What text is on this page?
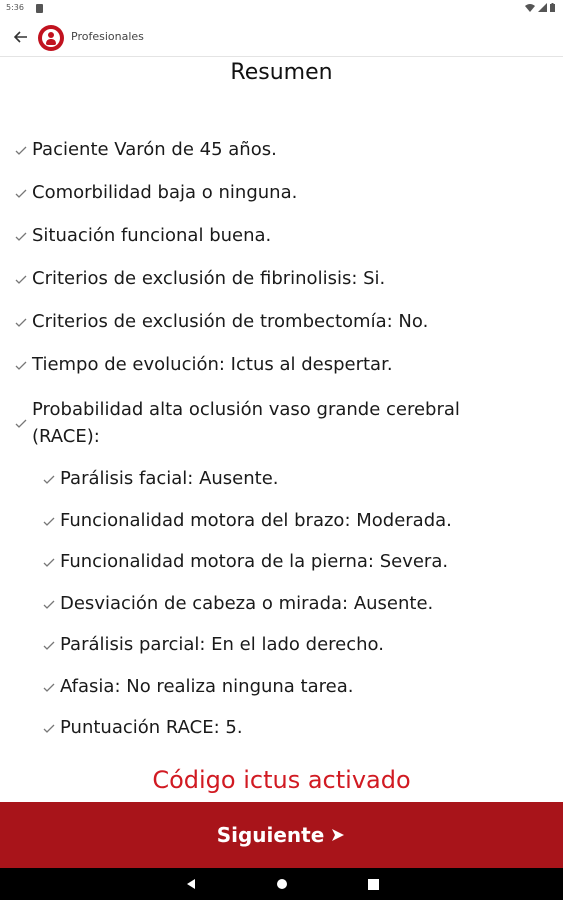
5:36
Profesionales
Resumen
Paciente Varón de 45 años.
Comorbilidad baja o ninguna.
Situación funcional buena.
Criterios de exclusión de fibrinolisis: Si.
Criterios de exclusión de trombectomía: No.
Tiempo de evolución: Ictus al despertar.
Probabilidad alta oclusión vaso grande cerebral (RACE):
Parálisis facial: Ausente.
Funcionalidad motora del brazo: Moderada.
Funcionalidad motora de la pierna: Severa.
Desviación de cabeza o mirada: Ausente.
Parálisis parcial: En el lado derecho.
Afasia: No realiza ninguna tarea.
Puntuación RACE: 5.
Código ictus activado
Siguiente
